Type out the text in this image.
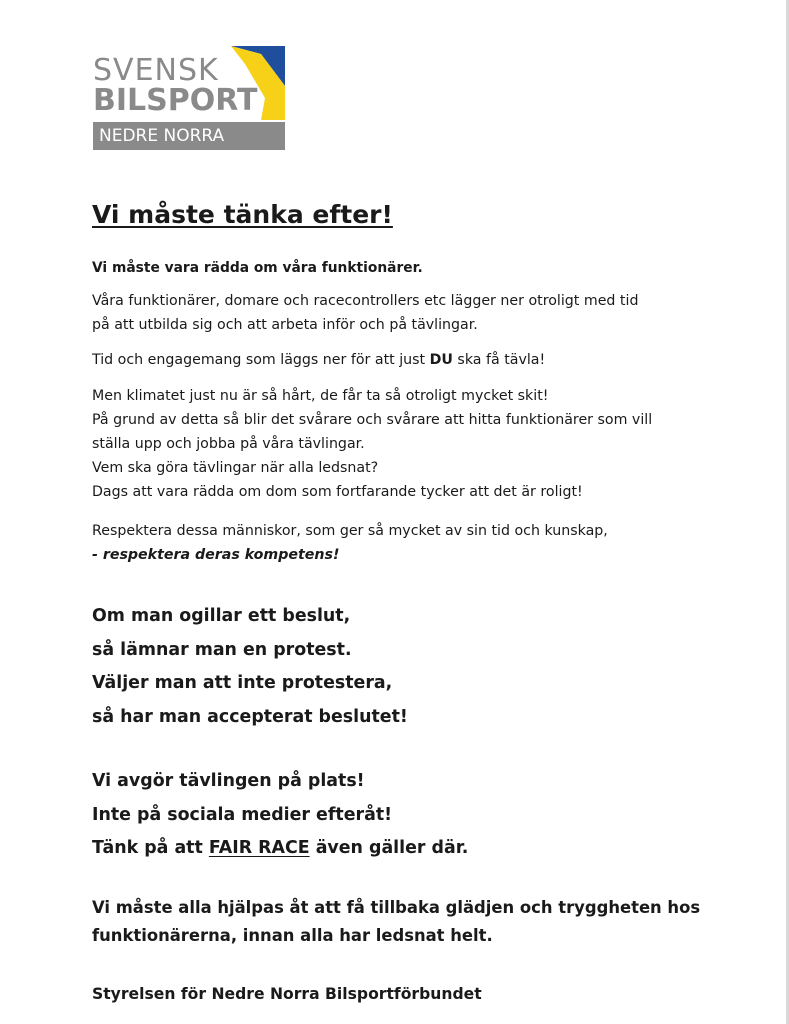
SVENSK
BILSPORT
NEDRE NORRA
Vi måste tänka efter!

Vi måste vara rädda om våra funktionärer.

Våra funktionärer, domare och racecontrollers etc lägger ner otroligt med tid
på att utbilda sig och att arbeta inför och på tävlingar.

Tid och engagemang som läggs ner för att just DU ska få tävla!

Men klimatet just nu är så hårt, de får ta så otroligt mycket skit!
På grund av detta så blir det svårare och svårare att hitta funktionärer som vill
ställa upp och jobba på våra tävlingar.
Vem ska göra tävlingar när alla ledsnat?
Dags att vara rädda om dom som fortfarande tycker att det är roligt!

Respektera dessa människor, som ger så mycket av sin tid och kunskap,
- respektera deras kompetens!

Om man ogillar ett beslut,
så lämnar man en protest.
Väljer man att inte protestera,
så har man accepterat beslutet!

Vi avgör tävlingen på plats!
Inte på sociala medier efteråt!
Tänk på att FAIR RACE även gäller där.

Vi måste alla hjälpas åt att få tillbaka glädjen och tryggheten hos
funktionärerna, innan alla har ledsnat helt.

Styrelsen för Nedre Norra Bilsportförbundet
